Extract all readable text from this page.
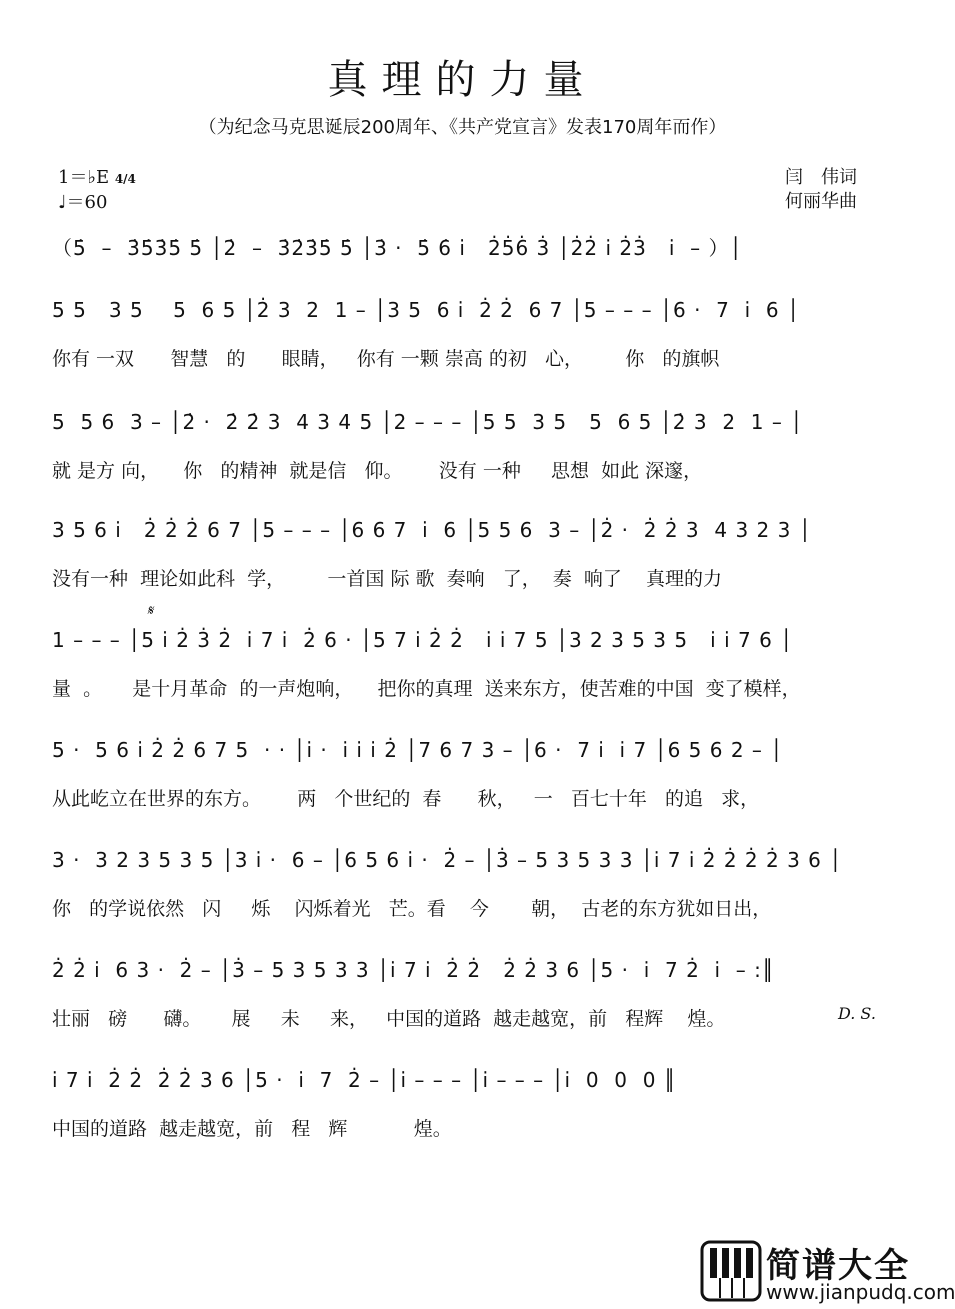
真理的力量
（为纪念马克思诞辰200周年、《共产党宣言》发表170周年而作）
1＝♭E 4/4
♩＝60
闫　伟词
何丽华曲
（5̇  –  3̇5̇3̇5̇ 5̇ │2̇  –  3̇2̇3̇5̇ 5̇ │3̇ ·  5̇ 6̇ i̇   2̇5̇6̇ 3̇ │2̇2̇ i̇ 2̇3̇   i̇  – ）│
5 5   3 5    5  6 5 │2̇ 3  2  1 – │3 5  6 i̇  2̇ 2̇  6 7 │5 – – – │6 ·  7  i̇  6 │
你有 一双      智慧   的      眼睛，   你有 一颗 崇高 的初   心，       你   的旗帜
5  5 6  3 – │2̇ ·  2̇ 2̇ 3  4 3 4 5 │2 – – – │5 5  3 5   5  6 5 │2̇ 3  2  1 – │
就 是方 向，    你   的精神  就是信   仰。      没有 一种     思想  如此 深邃，
3 5 6 i̇   2̇ 2̇ 2̇ 6 7 │5 – – – │6 6 7  i̇  6 │5 5 6  3 – │2̇ ·  2̇ 2̇ 3  4 3 2 3 │
没有一种  理论如此科  学，       一首国 际 歌  奏响   了，  奏  响了    真理的力
1 – – – │5 i̇ 2̇ 3̇ 2̇  i̇ 7 i̇  2̇ 6 · │5 7 i̇ 2̇ 2̇   i̇ i̇ 7 5 │3 2 3 5 3 5   i̇ i̇ 7 6 │
量  。     是十月革命  的一声炮响，    把你的真理  送来东方，使苦难的中国  变了模样，
5 ·  5 6 i̇ 2̇ 2̇ 6 7 5  · · │i̇ ·  i̇ i̇ i̇ 2̇ │7 6 7 3 – │6 ·  7 i̇  i̇ 7 │6 5 6 2 – │
从此屹立在世界的东方。      两   个世纪的  春      秋，   一   百七十年   的追   求，
3 ·  3 2 3 5 3 5 │3 i̇ ·  6 – │6 5 6 i̇ ·  2̇ – │3̇ – 5 3 5 3 3 │i̇ 7 i̇ 2̇ 2̇ 2̇ 2̇ 3 6 │
你   的学说依然   闪     烁    闪烁着光   芒。看    今       朝，  古老的东方犹如日出，
2̇ 2̇ i̇  6 3 ·  2̇ – │3̇ – 5 3 5 3 3 │i̇ 7 i̇  2̇ 2̇   2̇ 2̇ 3 6 │5 ·  i̇  7 2̇  i̇  – :║
壮丽   磅      礴。     展     未     来，   中国的道路  越走越宽，前   程辉    煌。
i̇ 7 i̇  2̇ 2̇  2̇ 2̇ 3 6 │5 ·  i̇  7  2̇ – │i̇ – – – │i̇ – – – │i̇  0  0  0 ║
中国的道路  越走越宽，前   程   辉           煌。
𝄋
D. S.
简谱大全
www.jianpudq.com
